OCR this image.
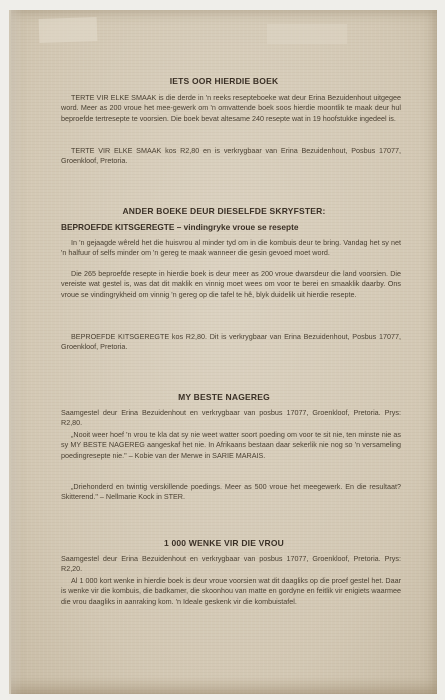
IETS OOR HIERDIE BOEK

TERTE VIR ELKE SMAAK is die derde in 'n reeks resepteboeke wat deur Erina Bezuidenhout uitgegee word. Meer as 200 vroue het mee-gewerk om 'n omvattende boek soos hierdie moontlik te maak deur hul beproefde tertresepte te voorsien. Die boek bevat altesame 240 resepte wat in 19 hoofstukke ingedeel is.

TERTE VIR ELKE SMAAK kos R2,80 en is verkrygbaar van Erina Bezuidenhout, Posbus 17077, Groenkloof, Pretoria.

ANDER BOEKE DEUR DIESELFDE SKRYFSTER:

BEPROEFDE KITSGEREGTE – vindingryke vroue se resepte

In 'n gejaagde wêreld het die huisvrou al minder tyd om in die kombuis deur te bring. Vandag het sy net 'n halfuur of selfs minder om 'n gereg te maak wanneer die gesin gevoed moet word.

Die 265 beproefde resepte in hierdie boek is deur meer as 200 vroue dwarsdeur die land voorsien. Die vereiste wat gestel is, was dat dit maklik en vinnig moet wees om voor te berei en smaaklik daarby. Ons vroue se vindingrykheid om vinnig 'n gereg op die tafel te hê, blyk duidelik uit hierdie resepte.

BEPROEFDE KITSGEREGTE kos R2,80. Dit is verkrygbaar van Erina Bezuidenhout, Posbus 17077, Groenkloof, Pretoria.

MY BESTE NAGEREG

Saamgestel deur Erina Bezuidenhout en verkrygbaar van posbus 17077, Groenkloof, Pretoria. Prys: R2,80.

„Nooit weer hoef 'n vrou te kla dat sy nie weet watter soort poeding om voor te sit nie, ten minste nie as sy MY BESTE NAGEREG aangeskaf het nie. In Afrikaans bestaan daar sekerlik nie nog so 'n versameling poedingresepte nie." – Kobie van der Merwe in SARIE MARAIS.

„Driehonderd en twintig verskillende poedings. Meer as 500 vroue het meegewerk. En die resultaat? Skitterend." – Nellmarie Kock in STER.

1 000 WENKE VIR DIE VROU

Saamgestel deur Erina Bezuidenhout en verkrygbaar van posbus 17077, Groenkloof, Pretoria. Prys: R2,20.

Al 1 000 kort wenke in hierdie boek is deur vroue voorsien wat dit daagliks op die proef gestel het. Daar is wenke vir die kombuis, die badkamer, die skoonhou van matte en gordyne en feitlik vir enigiets waarmee die vrou daagliks in aanraking kom. 'n Ideale geskenk vir die kombuistafel.
